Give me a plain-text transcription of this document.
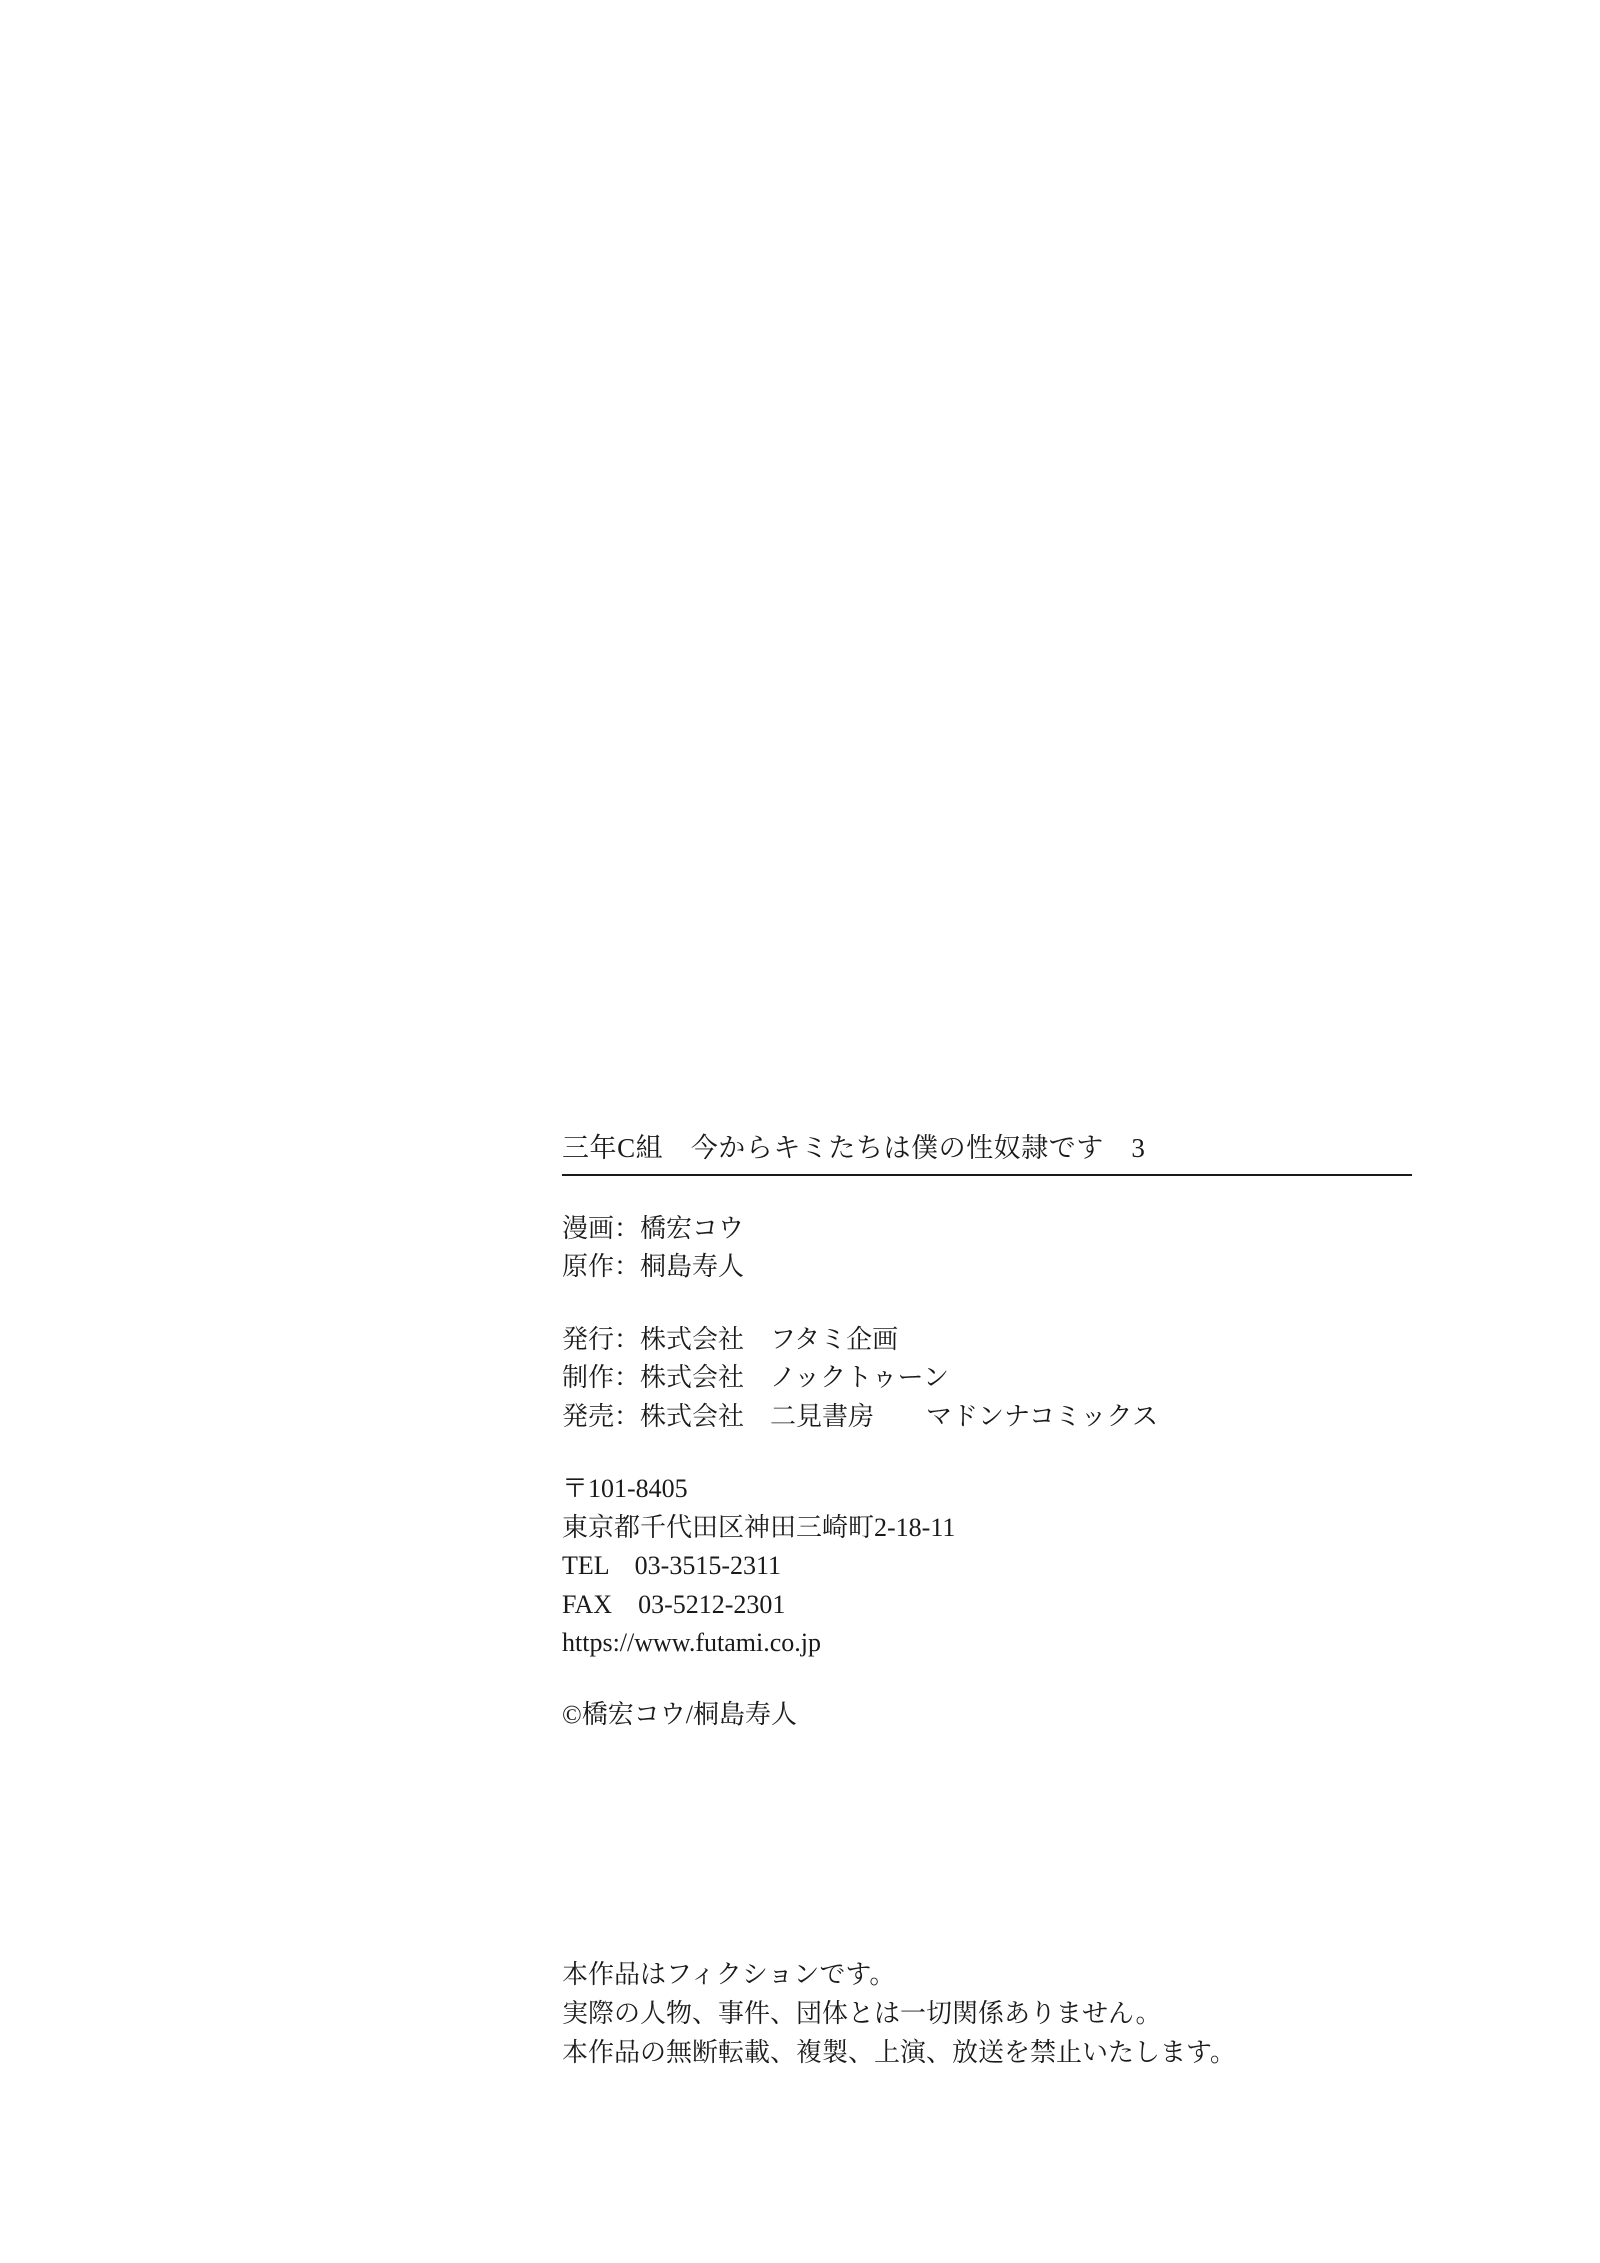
三年C組　今からキミたちは僕の性奴隷です　3
漫画：橋宏コウ
原作：桐島寿人
発行：株式会社　フタミ企画
制作：株式会社　ノックトゥーン
発売：株式会社　二見書房　　マドンナコミックス
〒101-8405
東京都千代田区神田三崎町2-18-11
TEL　03-3515-2311
FAX　03-5212-2301
https://www.futami.co.jp
©橋宏コウ/桐島寿人
本作品はフィクションです。
実際の人物、事件、団体とは一切関係ありません。
本作品の無断転載、複製、上演、放送を禁止いたします。
